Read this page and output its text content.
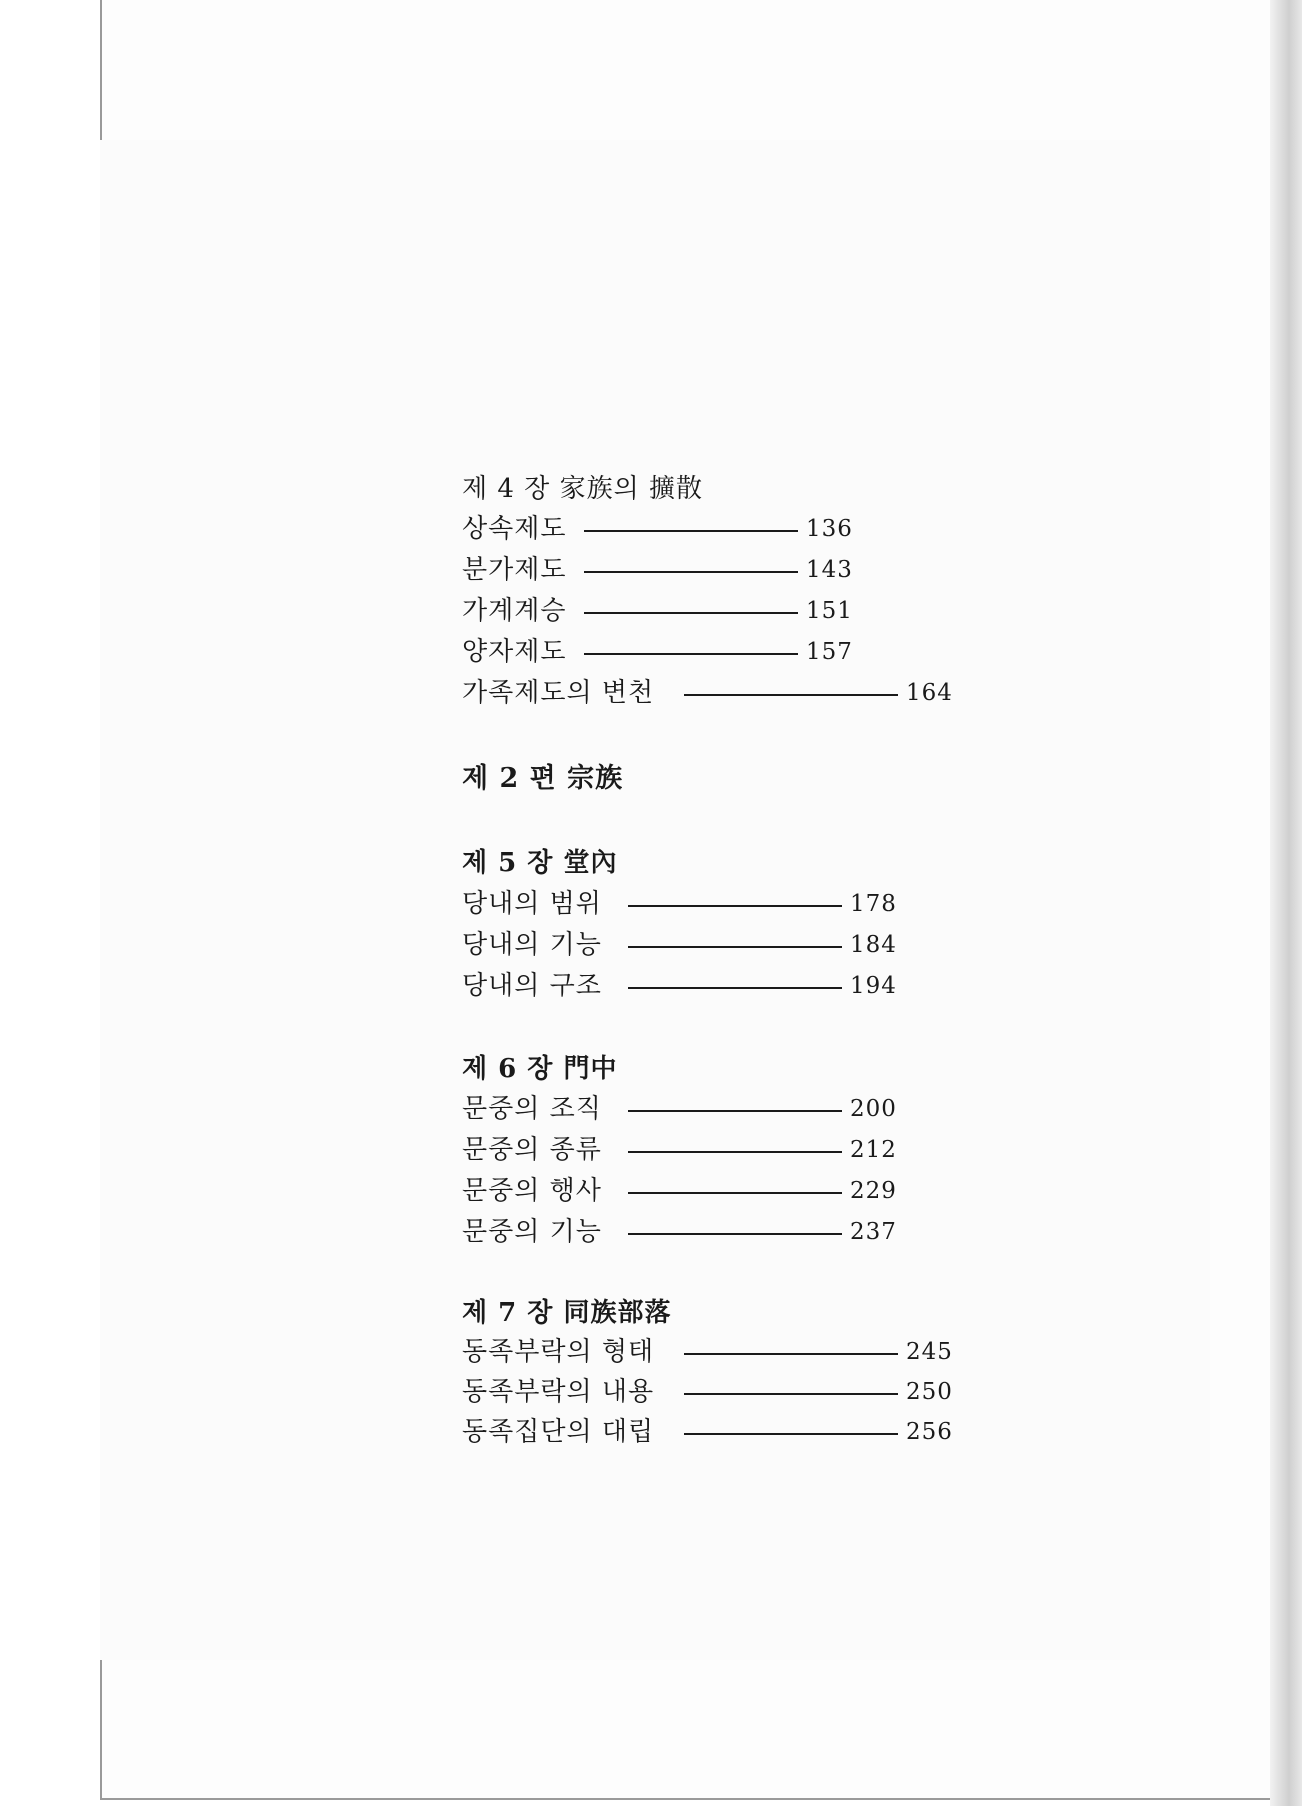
제 4 장 家族의 擴散
상속제도	136
분가제도	143
가계계승	151
양자제도	157
가족제도의 변천	164
제 2 편 宗族
제 5 장 堂內
당내의 범위	178
당내의 기능	184
당내의 구조	194
제 6 장 門中
문중의 조직	200
문중의 종류	212
문중의 행사	229
문중의 기능	237
제 7 장 同族部落
동족부락의 형태	245
동족부락의 내용	250
동족집단의 대립	256
